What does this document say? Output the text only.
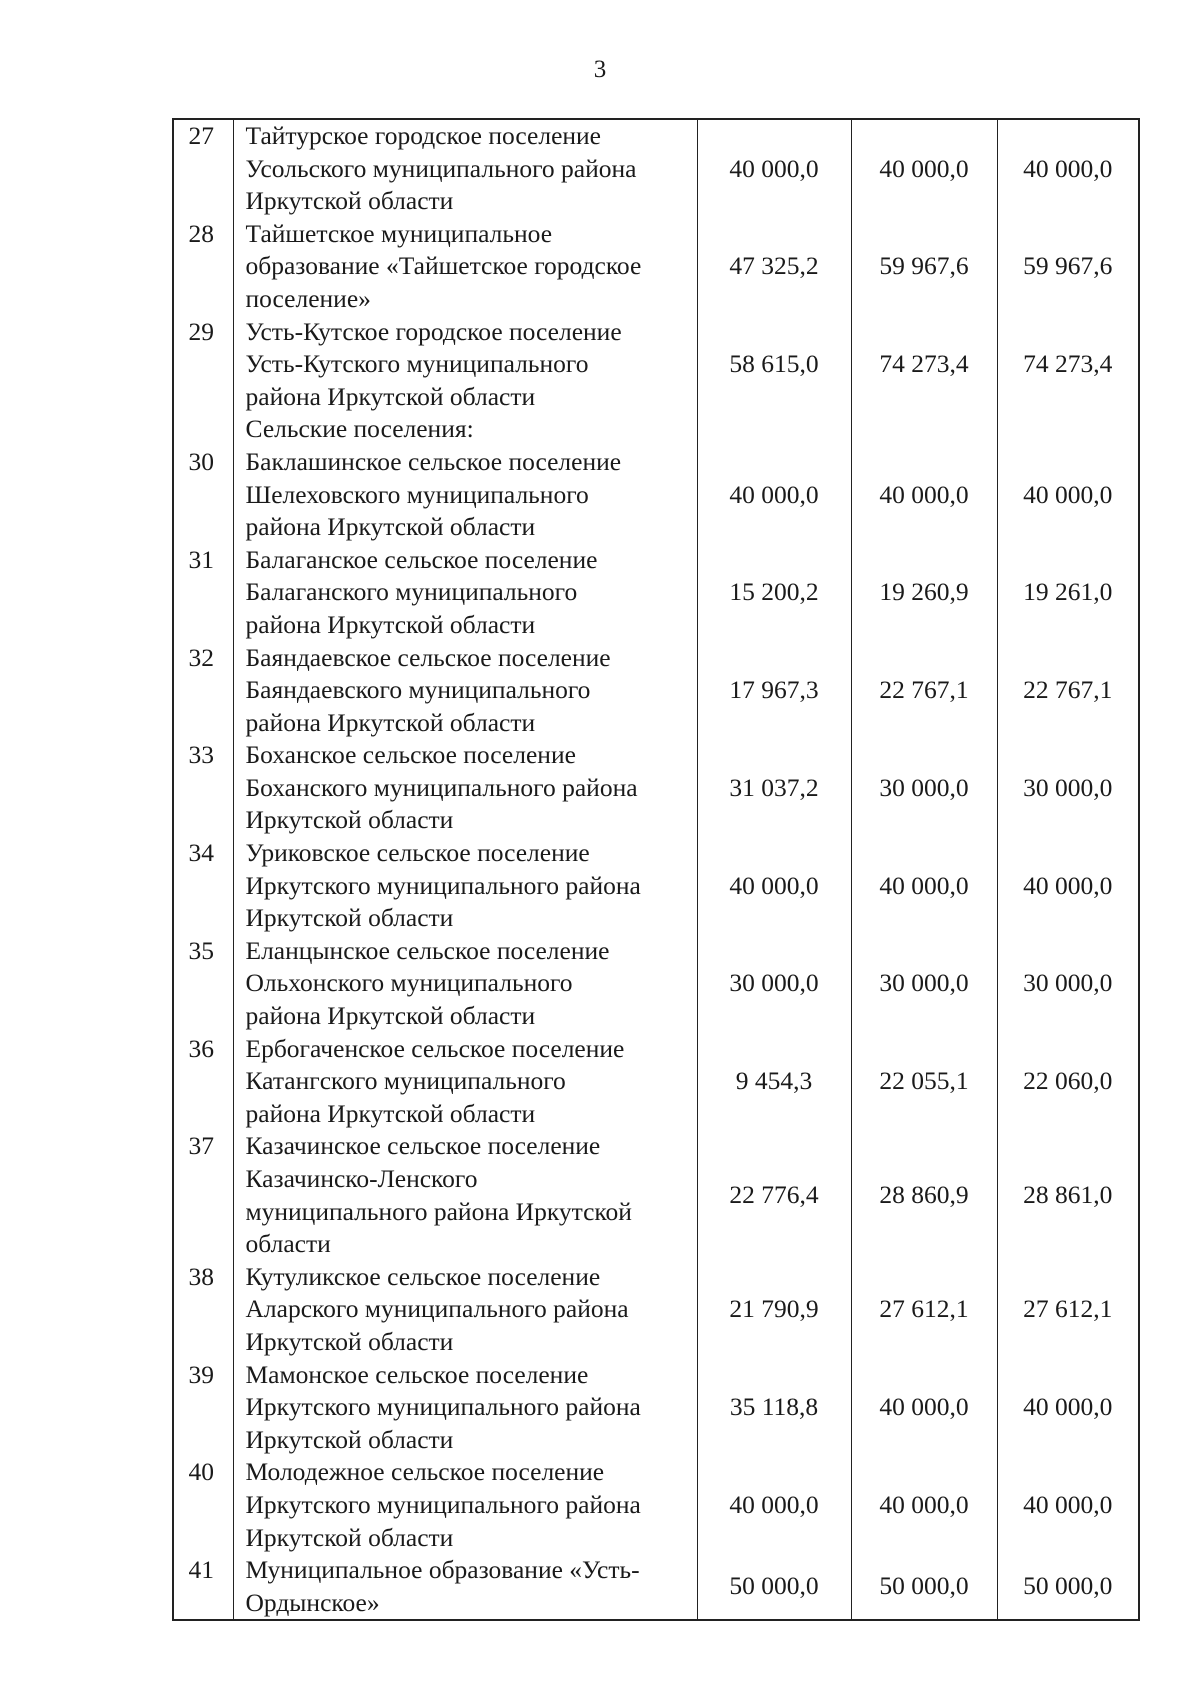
3
27	Тайтурское городское поселение
Усольского муниципального района
Иркутской области	40 000,0	40 000,0	40 000,0
28	Тайшетское муниципальное
образование «Тайшетское городское
поселение»	47 325,2	59 967,6	59 967,6
29	Усть-Кутское городское поселение
Усть-Кутского муниципального
района Иркутской области	58 615,0	74 273,4	74 273,4

	Сельские поселения:			

30	Баклашинское сельское поселение
Шелеховского муниципального
района Иркутской области	40 000,0	40 000,0	40 000,0
31	Балаганское сельское поселение
Балаганского муниципального
района Иркутской области	15 200,2	19 260,9	19 261,0
32	Баяндаевское сельское поселение
Баяндаевского муниципального
района Иркутской области	17 967,3	22 767,1	22 767,1
33	Боханское сельское поселение
Боханского муниципального района
Иркутской области	31 037,2	30 000,0	30 000,0
34	Уриковское сельское поселение
Иркутского муниципального района
Иркутской области	40 000,0	40 000,0	40 000,0
35	Еланцынское сельское поселение
Ольхонского муниципального
района Иркутской области	30 000,0	30 000,0	30 000,0
36	Ербогаченское сельское поселение
Катангского муниципального
района Иркутской области	9 454,3	22 055,1	22 060,0
37	Казачинское сельское поселение
Казачинско-Ленского
муниципального района Иркутской
области	22 776,4	28 860,9	28 861,0
38	Кутуликское сельское поселение
Аларского муниципального района
Иркутской области	21 790,9	27 612,1	27 612,1
39	Мамонское сельское поселение
Иркутского муниципального района
Иркутской области	35 118,8	40 000,0	40 000,0
40	Молодежное сельское поселение
Иркутского муниципального района
Иркутской области	40 000,0	40 000,0	40 000,0
41	Муниципальное образование «Усть-
Ордынское»	50 000,0	50 000,0	50 000,0
